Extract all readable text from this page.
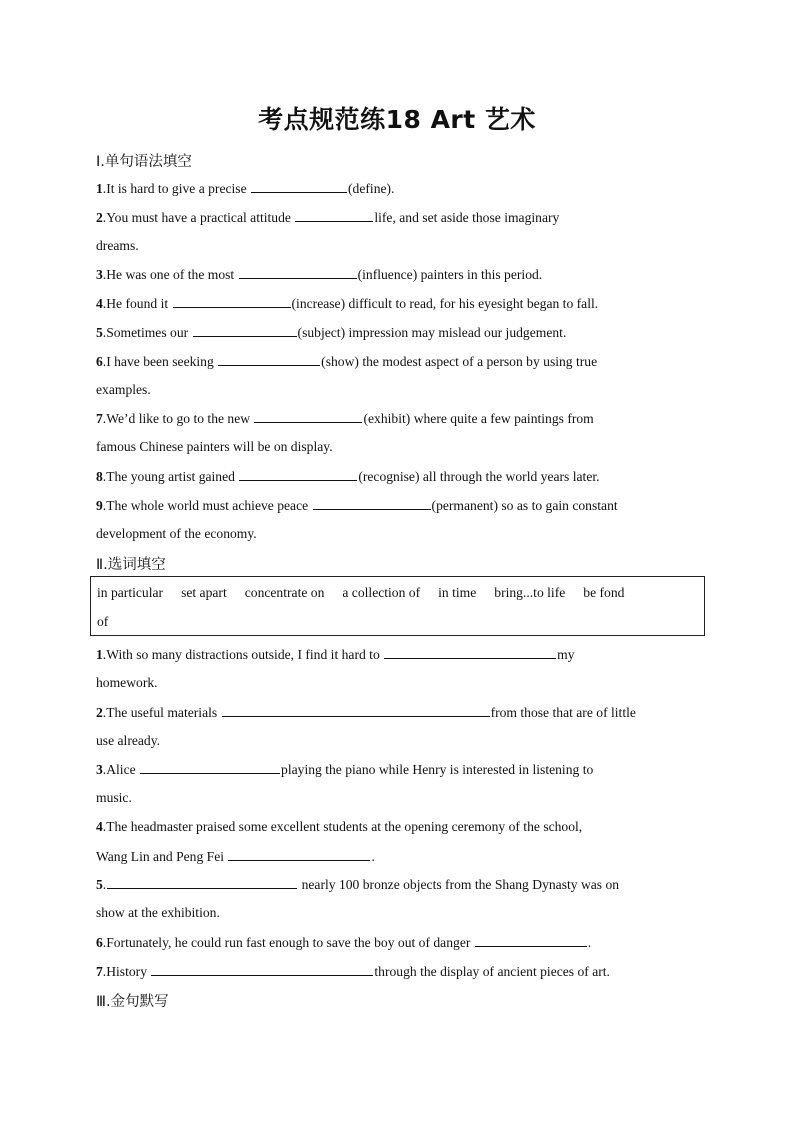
考点规范练18 Art 艺术
Ⅰ.单句语法填空
1.It is hard to give a precise	(define).
2.You must have a practical attitude	life, and set aside those imaginary
dreams.
3.He was one of the most	(influence) painters in this period.
4.He found it	(increase) difficult to read, for his eyesight began to fall.
5.Sometimes our	(subject) impression may mislead our judgement.
6.I have been seeking	(show) the modest aspect of a person by using true
examples.
7.We’d like to go to the new	(exhibit) where quite a few paintings from
famous Chinese painters will be on display.
8.The young artist gained	(recognise) all through the world years later.
9.The whole world must achieve peace	(permanent) so as to gain constant
development of the economy.
Ⅱ.选词填空
in particular set apart concentrate on a collection of in time bring...to life be fond
of
1.With so many distractions outside, I find it hard to	my
homework.
2.The useful materials	from those that are of little
use already.
3.Alice	playing the piano while Henry is interested in listening to
music.
4.The headmaster praised some excellent students at the opening ceremony of the school,
Wang Lin and Peng Fei	.
5.	nearly 100 bronze objects from the Shang Dynasty was on
show at the exhibition.
6.Fortunately, he could run fast enough to save the boy out of danger	.
7.History	through the display of ancient pieces of art.
Ⅲ.金句默写
